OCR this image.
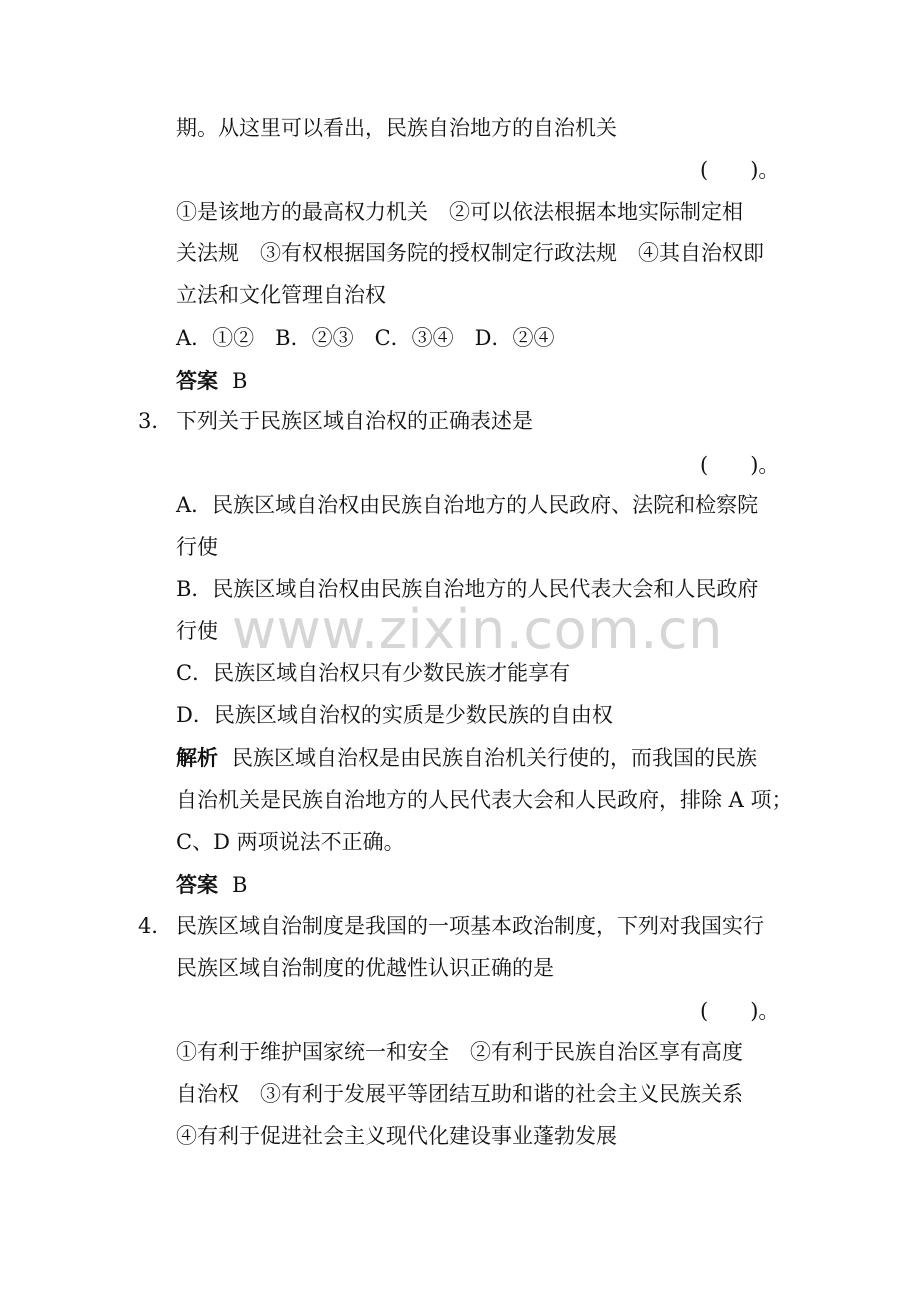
www.zixin.com.cn
期。从这里可以看出，民族自治地方的自治机关
(　　)。
①是该地方的最高权力机关　②可以依法根据本地实际制定相
关法规　③有权根据国务院的授权制定行政法规　④其自治权即
立法和文化管理自治权
A．①②　B．②③　C．③④　D．②④
答案 B
3． 下列关于民族区域自治权的正确表述是
(　　)。
A．民族区域自治权由民族自治地方的人民政府、法院和检察院
行使
B．民族区域自治权由民族自治地方的人民代表大会和人民政府
行使
C．民族区域自治权只有少数民族才能享有
D．民族区域自治权的实质是少数民族的自由权
解析 民族区域自治权是由民族自治机关行使的，而我国的民族
自治机关是民族自治地方的人民代表大会和人民政府，排除 A 项；
C、D 两项说法不正确。
答案 B
4． 民族区域自治制度是我国的一项基本政治制度，下列对我国实行
民族区域自治制度的优越性认识正确的是
(　　)。
①有利于维护国家统一和安全　②有利于民族自治区享有高度
自治权　③有利于发展平等团结互助和谐的社会主义民族关系
④有利于促进社会主义现代化建设事业蓬勃发展
